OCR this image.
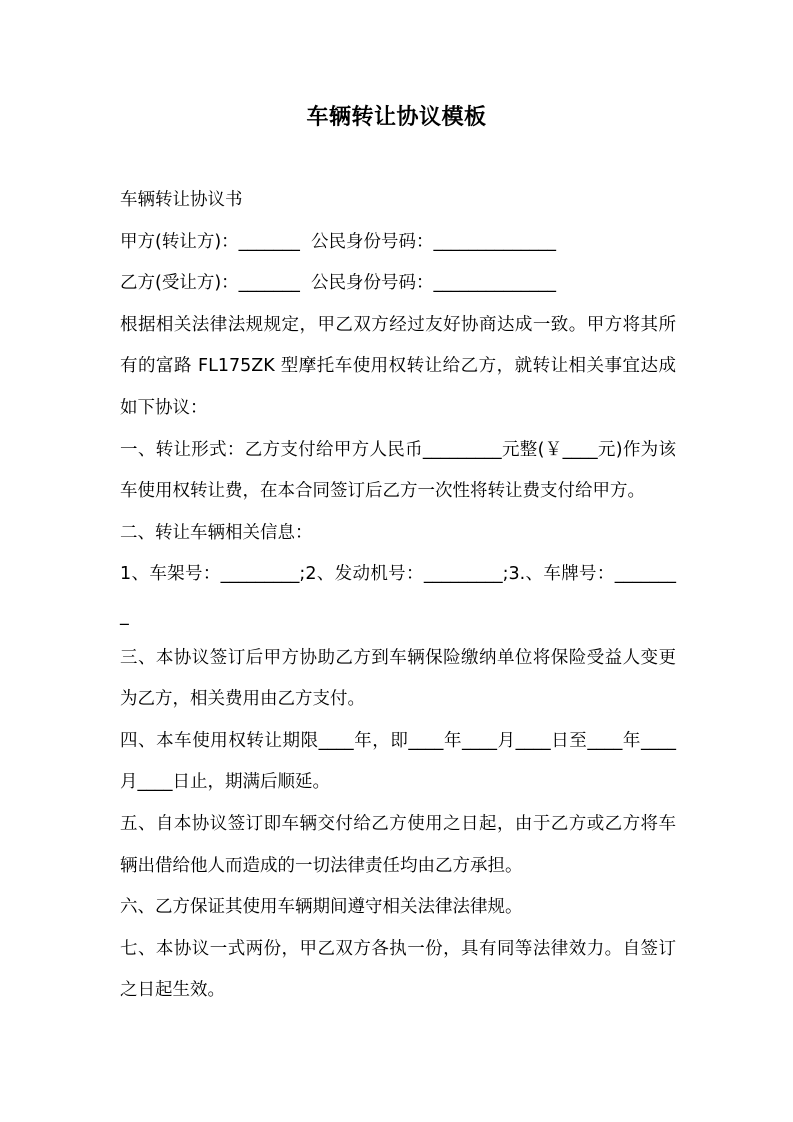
车辆转让协议模板

车辆转让协议书

甲方(转让方)：_______  公民身份号码：______________

乙方(受让方)：_______  公民身份号码：______________

根据相关法律法规规定，甲乙双方经过友好协商达成一致。甲方将其所有的富路 FL175ZK 型摩托车使用权转让给乙方，就转让相关事宜达成如下协议：

一、转让形式：乙方支付给甲方人民币_________元整(￥____元)作为该车使用权转让费，在本合同签订后乙方一次性将转让费支付给甲方。

二、转让车辆相关信息：

1、车架号：_________;2、发动机号：_________;3.、车牌号：________

三、本协议签订后甲方协助乙方到车辆保险缴纳单位将保险受益人变更为乙方，相关费用由乙方支付。

四、本车使用权转让期限____年，即____年____月____日至____年____月____日止，期满后顺延。

五、自本协议签订即车辆交付给乙方使用之日起，由于乙方或乙方将车辆出借给他人而造成的一切法律责任均由乙方承担。

六、乙方保证其使用车辆期间遵守相关法律法律规。

七、本协议一式两份，甲乙双方各执一份，具有同等法律效力。自签订之日起生效。
